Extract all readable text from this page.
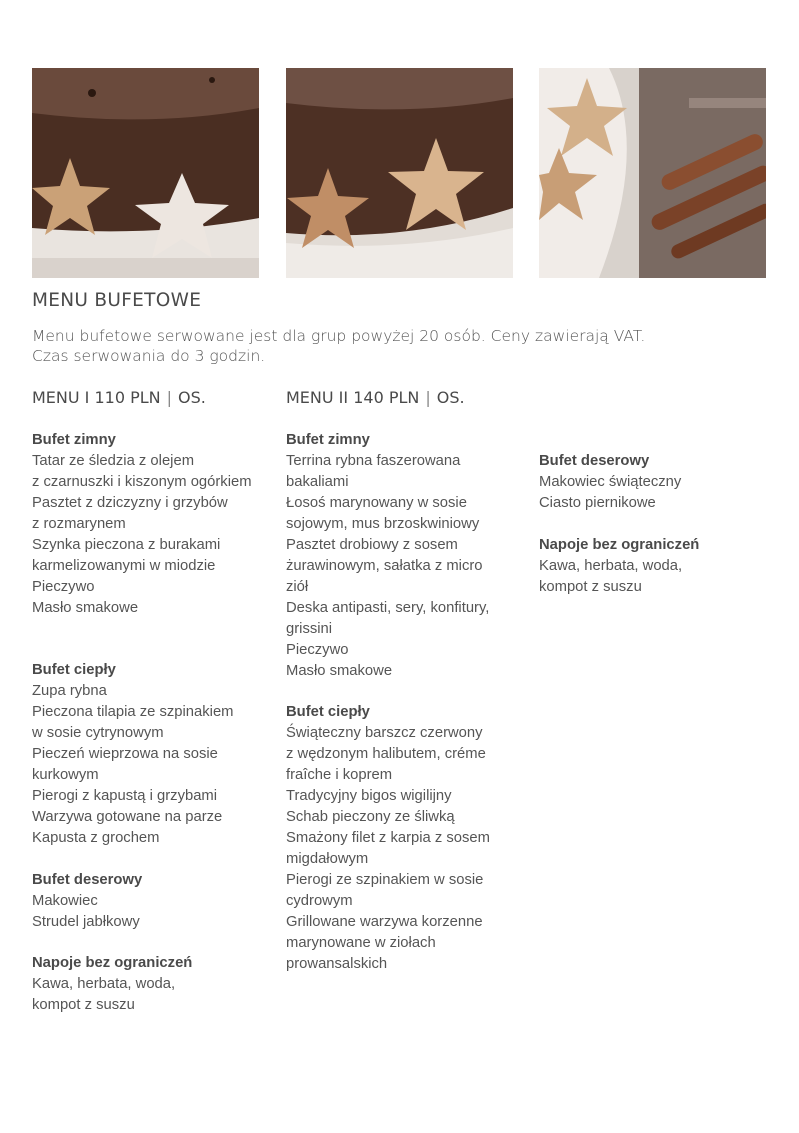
MENU BUFETOWE
Menu bufetowe serwowane jest dla grup powyżej 20 osób. Ceny zawierają VAT.
Czas serwowania do 3 godzin.
MENU I 110 PLN | OS.	MENU II 140 PLN | OS.
Bufet zimny
Tatar ze śledzia z olejem
z czarnuszki i kiszonym ogórkiem
Pasztet z dziczyzny i grzybów
z rozmarynem
Szynka pieczona z burakami
karmelizowanymi w miodzie
Pieczywo
Masło smakowe
Bufet ciepły
Zupa rybna
Pieczona tilapia ze szpinakiem
w sosie cytrynowym
Pieczeń wieprzowa na sosie
kurkowym
Pierogi z kapustą i grzybami
Warzywa gotowane na parze
Kapusta z grochem
Bufet deserowy
Makowiec
Strudel jabłkowy
Napoje bez ograniczeń
Kawa, herbata, woda,
kompot z suszu
Bufet zimny
Terrina rybna faszerowana
bakaliami
Łosoś marynowany w sosie
sojowym, mus brzoskwiniowy
Pasztet drobiowy z sosem
żurawinowym, sałatka z micro
ziół
Deska antipasti, sery, konfitury,
grissini
Pieczywo
Masło smakowe
Bufet ciepły
Świąteczny barszcz czerwony
z wędzonym halibutem, créme
fraîche i koprem
Tradycyjny bigos wigilijny
Schab pieczony ze śliwką
Smażony filet z karpia z sosem
migdałowym
Pierogi ze szpinakiem w sosie
cydrowym
Grillowane warzywa korzenne
marynowane w ziołach
prowansalskich
Bufet deserowy
Makowiec świąteczny
Ciasto piernikowe
Napoje bez ograniczeń
Kawa, herbata, woda,
kompot z suszu
